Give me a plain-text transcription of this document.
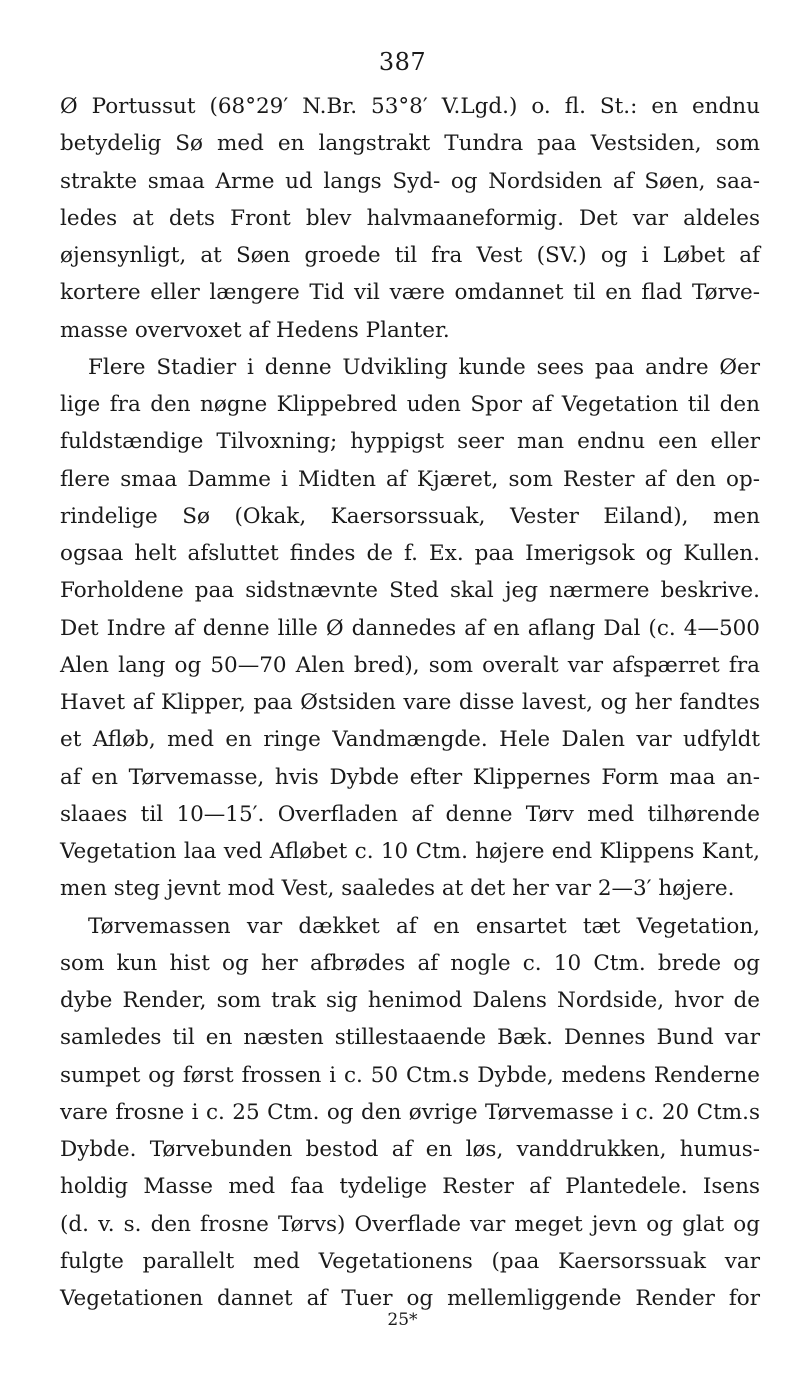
387
Ø Portussut (68°29′ N.Br. 53°8′ V.Lgd.) o. fl. St.: en endnu
betydelig Sø med en langstrakt Tundra paa Vestsiden, som
strakte smaa Arme ud langs Syd- og Nordsiden af Søen, saa-
ledes at dets Front blev halvmaaneformig. Det var aldeles
øjensynligt, at Søen groede til fra Vest (SV.) og i Løbet af
kortere eller længere Tid vil være omdannet til en flad Tørve-
masse overvoxet af Hedens Planter.
Flere Stadier i denne Udvikling kunde sees paa andre Øer
lige fra den nøgne Klippebred uden Spor af Vegetation til den
fuldstændige Tilvoxning; hyppigst seer man endnu een eller
flere smaa Damme i Midten af Kjæret, som Rester af den op-
rindelige Sø (Okak, Kaersorssuak, Vester Eiland), men
ogsaa helt afsluttet findes de f. Ex. paa Imerigsok og Kullen.
Forholdene paa sidstnævnte Sted skal jeg nærmere beskrive.
Det Indre af denne lille Ø dannedes af en aflang Dal (c. 4—500
Alen lang og 50—70 Alen bred), som overalt var afspærret fra
Havet af Klipper, paa Østsiden vare disse lavest, og her fandtes
et Afløb, med en ringe Vandmængde. Hele Dalen var udfyldt
af en Tørvemasse, hvis Dybde efter Klippernes Form maa an-
slaaes til 10—15′. Overfladen af denne Tørv med tilhørende
Vegetation laa ved Afløbet c. 10 Ctm. højere end Klippens Kant,
men steg jevnt mod Vest, saaledes at det her var 2—3′ højere.
Tørvemassen var dækket af en ensartet tæt Vegetation,
som kun hist og her afbrødes af nogle c. 10 Ctm. brede og
dybe Render, som trak sig henimod Dalens Nordside, hvor de
samledes til en næsten stillestaaende Bæk. Dennes Bund var
sumpet og først frossen i c. 50 Ctm.s Dybde, medens Renderne
vare frosne i c. 25 Ctm. og den øvrige Tørvemasse i c. 20 Ctm.s
Dybde. Tørvebunden bestod af en løs, vanddrukken, humus-
holdig Masse med faa tydelige Rester af Plantedele. Isens
(d. v. s. den frosne Tørvs) Overflade var meget jevn og glat og
fulgte parallelt med Vegetationens (paa Kaersorssuak var
Vegetationen dannet af Tuer og mellemliggende Render for
25*
